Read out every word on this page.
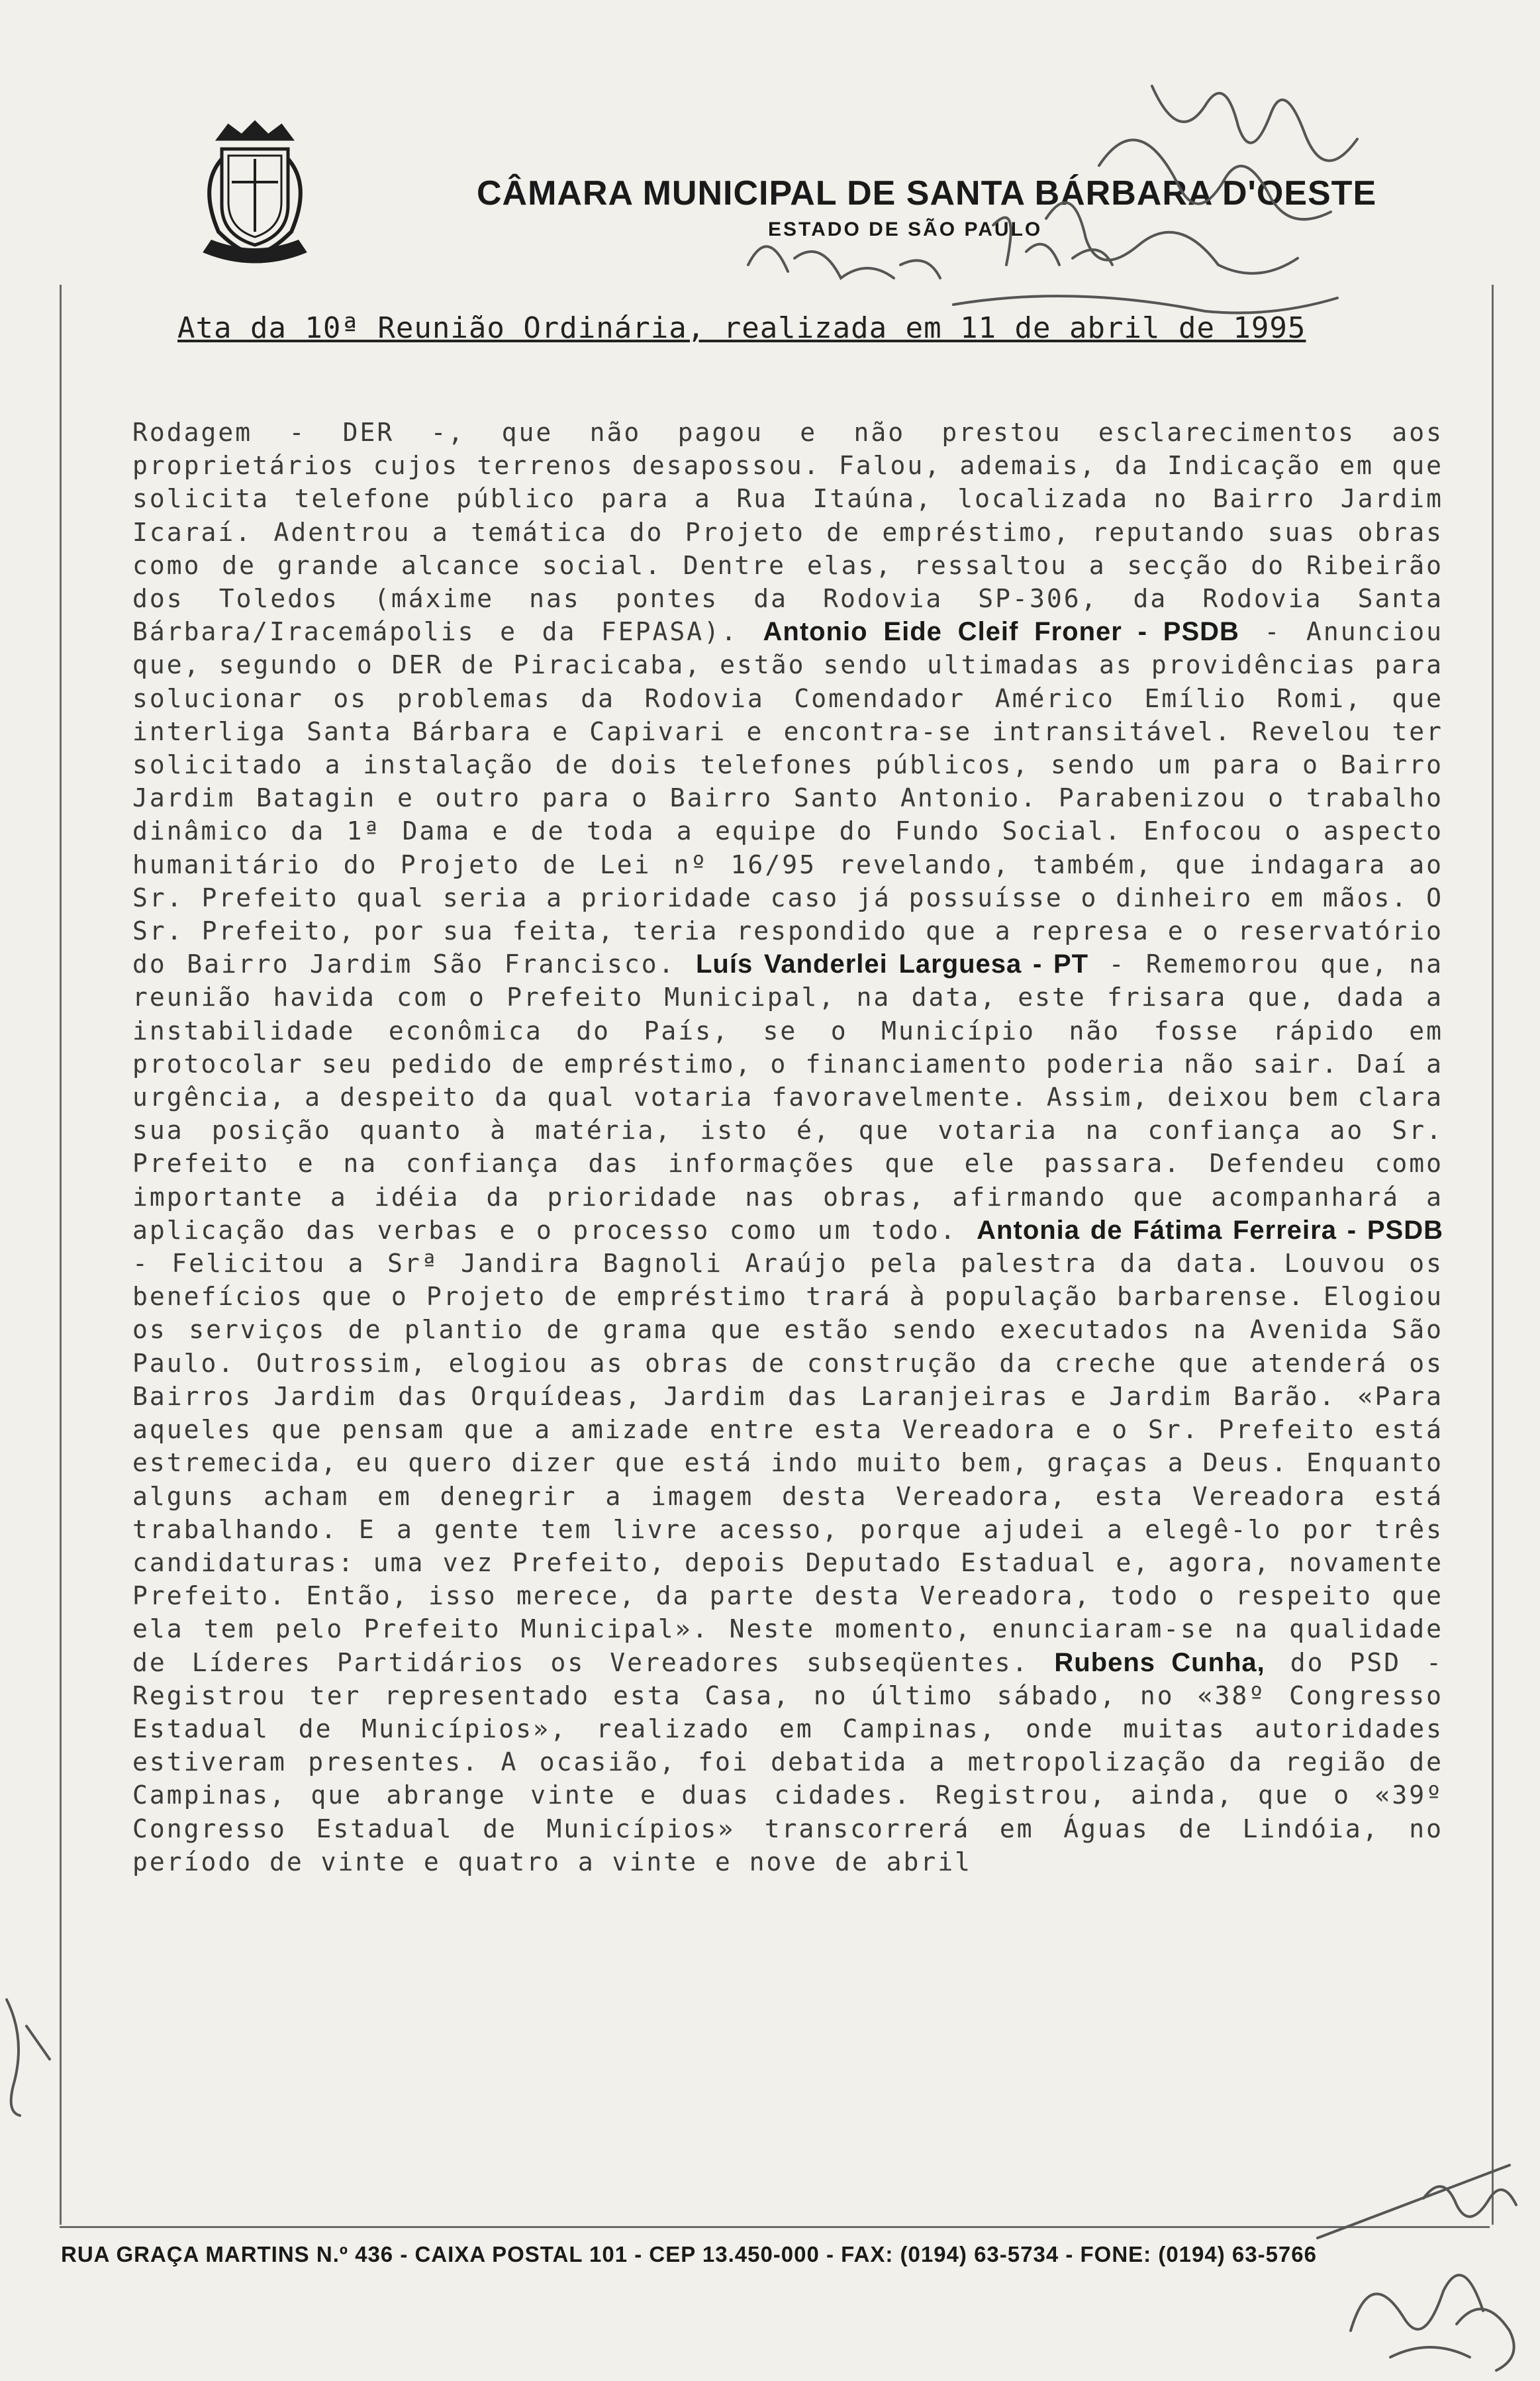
CÂMARA MUNICIPAL DE SANTA BÁRBARA D'OESTE
ESTADO DE SÃO PAULO
Ata da 10ª Reunião Ordinária, realizada em 11 de abril de 1995
Rodagem - DER -, que não pagou e não prestou esclarecimentos aos proprietários cujos terrenos desapossou. Falou, ademais, da Indicação em que solicita telefone público para a Rua Itaúna, localizada no Bairro Jardim Icaraí. Adentrou a temática do Projeto de empréstimo, reputando suas obras como de grande alcance social. Dentre elas, ressaltou a secção do Ribeirão dos Toledos (máxime nas pontes da Rodovia SP-306, da Rodovia Santa Bárbara/Iracemápolis e da FEPASA). Antonio Eide Cleif Froner - PSDB - Anunciou que, segundo o DER de Piracicaba, estão sendo ultimadas as providências para solucionar os problemas da Rodovia Comendador Américo Emílio Romi, que interliga Santa Bárbara e Capivari e encontra-se intransitável. Revelou ter solicitado a instalação de dois telefones públicos, sendo um para o Bairro Jardim Batagin e outro para o Bairro Santo Antonio. Parabenizou o trabalho dinâmico da 1ª Dama e de toda a equipe do Fundo Social. Enfocou o aspecto humanitário do Projeto de Lei nº 16/95 revelando, também, que indagara ao Sr. Prefeito qual seria a prioridade caso já possuísse o dinheiro em mãos. O Sr. Prefeito, por sua feita, teria respondido que a represa e o reservatório do Bairro Jardim São Francisco. Luís Vanderlei Larguesa - PT - Rememorou que, na reunião havida com o Prefeito Municipal, na data, este frisara que, dada a instabilidade econômica do País, se o Município não fosse rápido em protocolar seu pedido de empréstimo, o financiamento poderia não sair. Daí a urgência, a despeito da qual votaria favoravelmente. Assim, deixou bem clara sua posição quanto à matéria, isto é, que votaria na confiança ao Sr. Prefeito e na confiança das informações que ele passara. Defendeu como importante a idéia da prioridade nas obras, afirmando que acompanhará a aplicação das verbas e o processo como um todo. Antonia de Fátima Ferreira - PSDB - Felicitou a Srª Jandira Bagnoli Araújo pela palestra da data. Louvou os benefícios que o Projeto de empréstimo trará à população barbarense. Elogiou os serviços de plantio de grama que estão sendo executados na Avenida São Paulo. Outrossim, elogiou as obras de construção da creche que atenderá os Bairros Jardim das Orquídeas, Jardim das Laranjeiras e Jardim Barão. «Para aqueles que pensam que a amizade entre esta Vereadora e o Sr. Prefeito está estremecida, eu quero dizer que está indo muito bem, graças a Deus. Enquanto alguns acham em denegrir a imagem desta Vereadora, esta Vereadora está trabalhando. E a gente tem livre acesso, porque ajudei a elegê-lo por três candidaturas: uma vez Prefeito, depois Deputado Estadual e, agora, novamente Prefeito. Então, isso merece, da parte desta Vereadora, todo o respeito que ela tem pelo Prefeito Municipal». Neste momento, enunciaram-se na qualidade de Líderes Partidários os Vereadores subseqüentes. Rubens Cunha, do PSD - Registrou ter representado esta Casa, no último sábado, no «38º Congresso Estadual de Municípios», realizado em Campinas, onde muitas autoridades estiveram presentes. A ocasião, foi debatida a metropolização da região de Campinas, que abrange vinte e duas cidades. Registrou, ainda, que o «39º Congresso Estadual de Municípios» transcorrerá em Águas de Lindóia, no período de vinte e quatro a vinte e nove de abril
RUA GRAÇA MARTINS N.º 436 - CAIXA POSTAL 101 - CEP 13.450-000 - FAX: (0194) 63-5734 - FONE: (0194) 63-5766
